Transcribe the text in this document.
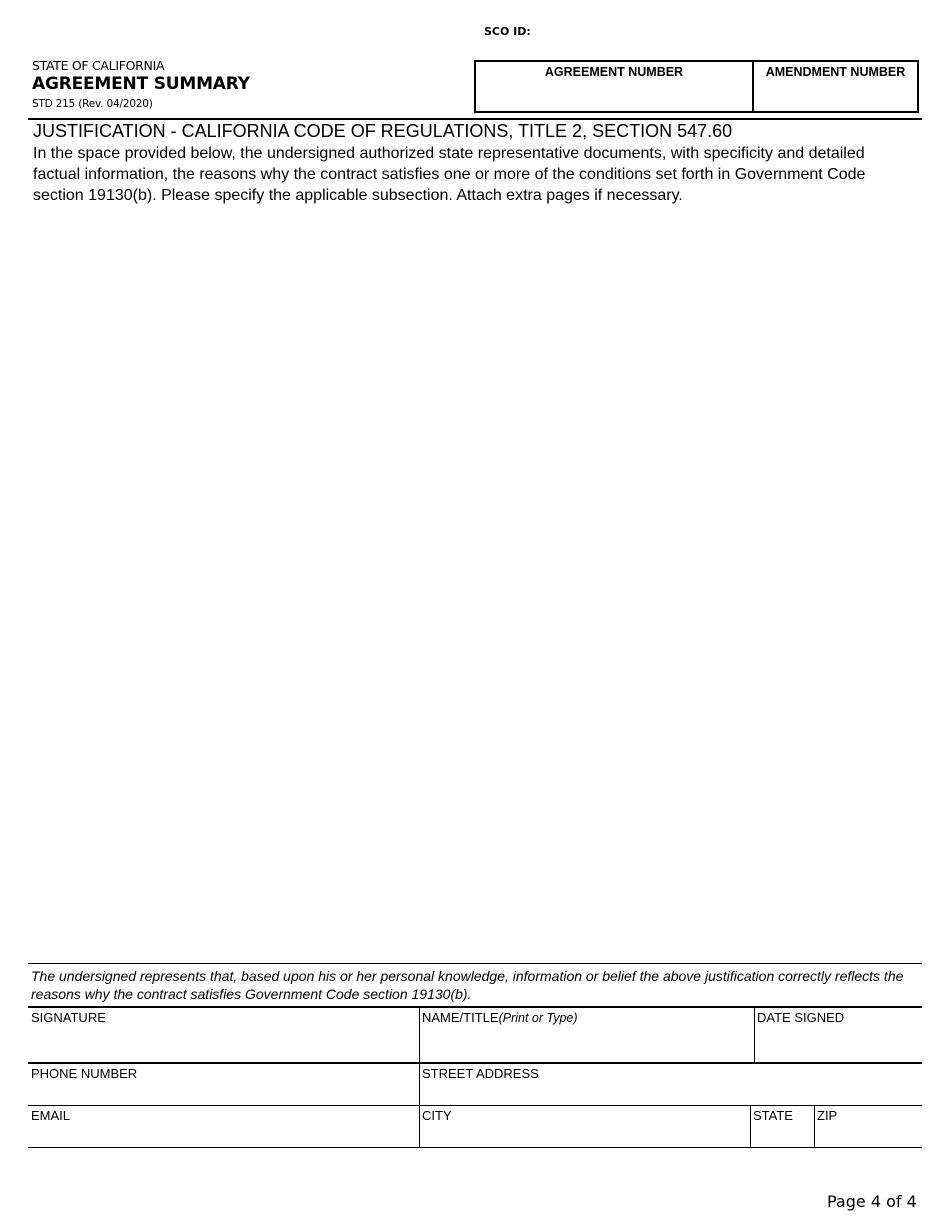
SCO ID:
STATE OF CALIFORNIA
AGREEMENT SUMMARY
STD 215 (Rev. 04/2020)
AGREEMENT NUMBER	AMENDMENT NUMBER
JUSTIFICATION - CALIFORNIA CODE OF REGULATIONS, TITLE 2, SECTION 547.60
In the space provided below, the undersigned authorized state representative documents, with specificity and detailed factual information, the reasons why the contract satisfies one or more of the conditions set forth in Government Code section 19130(b). Please specify the applicable subsection. Attach extra pages if necessary.
The undersigned represents that, based upon his or her personal knowledge, information or belief the above justification correctly reflects the reasons why the contract satisfies Government Code section 19130(b).
SIGNATURE	NAME/TITLE(Print or Type)	DATE SIGNED
PHONE NUMBER	STREET ADDRESS
EMAIL	CITY	STATE ZIP
Page 4 of 4
